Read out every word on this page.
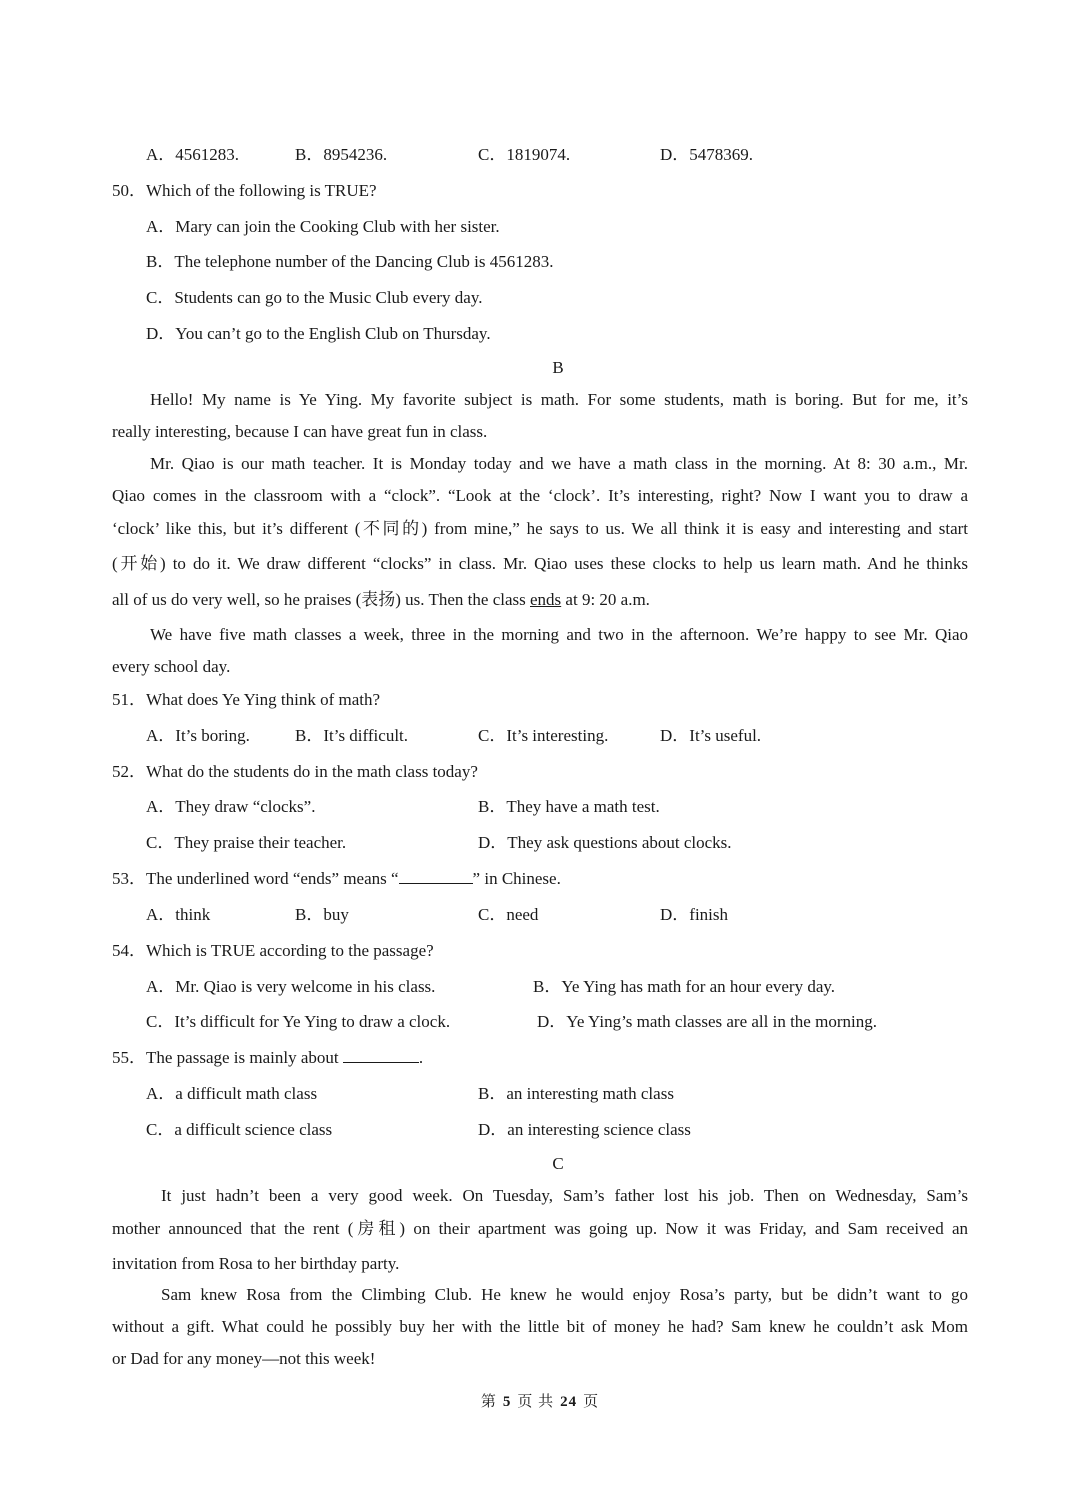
A．4561283.	B．8954236.	C．1819074.	D．5478369.
50．Which of the following is TRUE?
A．Mary can join the Cooking Club with her sister.
B．The telephone number of the Dancing Club is 4561283.
C．Students can go to the Music Club every day.
D．You can’t go to the English Club on Thursday.
B
Hello! My name is Ye Ying. My favorite subject is math. For some students, math is boring. But for me, it’s
really interesting, because I can have great fun in class.
Mr. Qiao is our math teacher. It is Monday today and we have a math class in the morning. At 8: 30 a.m., Mr.
Qiao comes in the classroom with a “clock”. “Look at the ‘clock’. It’s interesting, right? Now I want you to draw a
‘clock’ like this, but it’s different (不同的) from mine,” he says to us. We all think it is easy and interesting and start
(开始) to do it. We draw different “clocks” in class. Mr. Qiao uses these clocks to help us learn math. And he thinks
all of us do very well, so he praises (表扬) us. Then the class ends at 9: 20 a.m.
We have five math classes a week, three in the morning and two in the afternoon. We’re happy to see Mr. Qiao
every school day.
51．What does Ye Ying think of math?
A．It’s boring.	B．It’s difficult.	C．It’s interesting.	D．It’s useful.
52．What do the students do in the math class today?
A．They draw “clocks”.	B．They have a math test.
C．They praise their teacher.	D．They ask questions about clocks.
53．The underlined word “ends” means “	” in Chinese.
A．think	B．buy	C．need	D．finish
54．Which is TRUE according to the passage?
A．Mr. Qiao is very welcome in his class.	B．Ye Ying has math for an hour every day.
C．It’s difficult for Ye Ying to draw a clock.	D．Ye Ying’s math classes are all in the morning.
55．The passage is mainly about	.
A．a difficult math class	B．an interesting math class
C．a difficult science class	D．an interesting science class
C
It just hadn’t been a very good week. On Tuesday, Sam’s father lost his job. Then on Wednesday, Sam’s
mother announced that the rent (房租) on their apartment was going up. Now it was Friday, and Sam received an
invitation from Rosa to her birthday party.
Sam knew Rosa from the Climbing Club. He knew he would enjoy Rosa’s party, but be didn’t want to go
without a gift. What could he possibly buy her with the little bit of money he had? Sam knew he couldn’t ask Mom
or Dad for any money—not this week!
第 5 页 共 24 页
